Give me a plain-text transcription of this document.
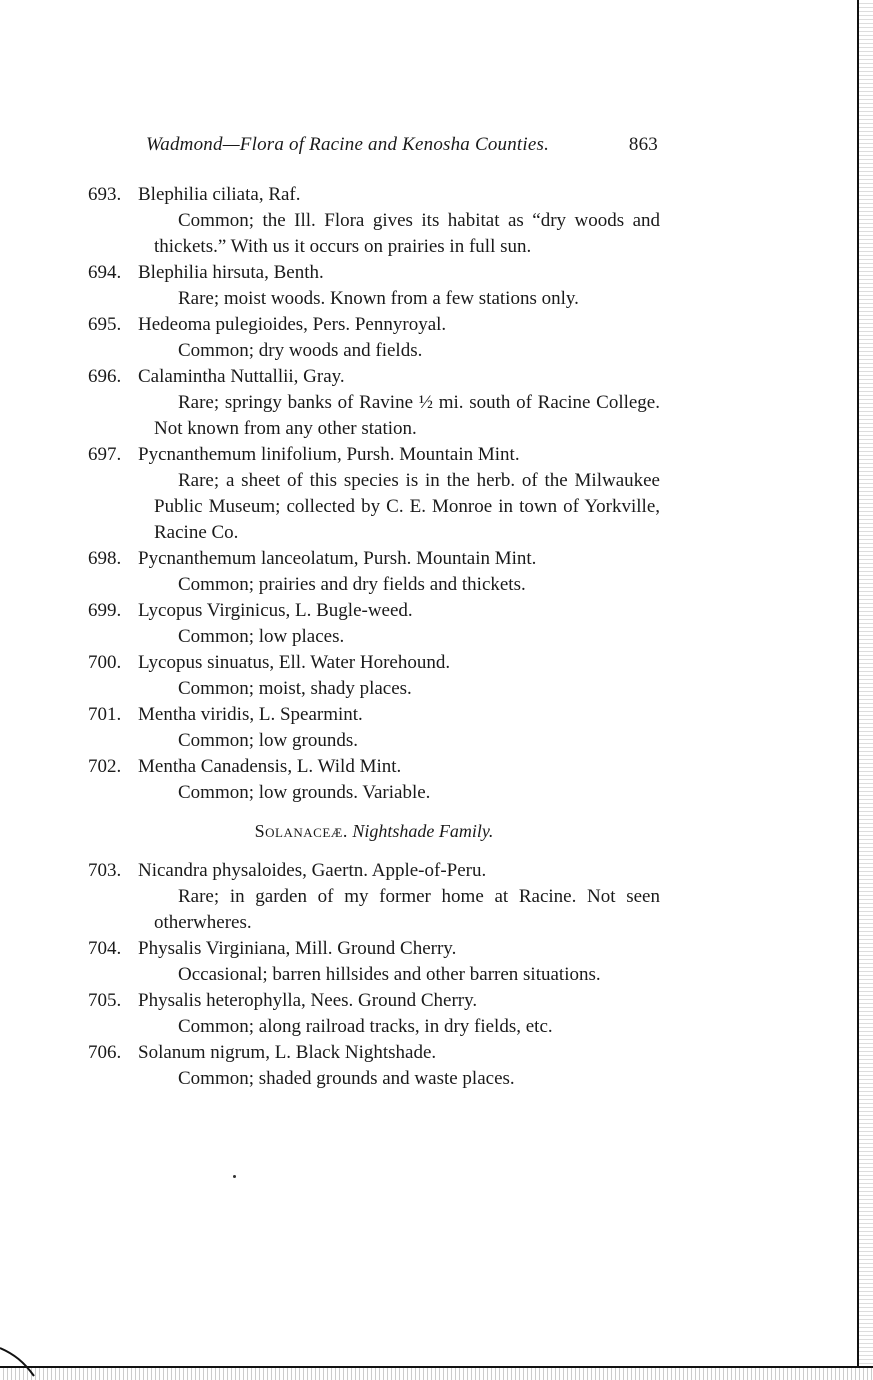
Wadmond—Flora of Racine and Kenosha Counties.	863
693. Blephilia ciliata, Raf.
Common; the Ill. Flora gives its habitat as “dry woods and thickets.” With us it occurs on prairies in full sun.
694. Blephilia hirsuta, Benth.
Rare; moist woods. Known from a few stations only.
695. Hedeoma pulegioides, Pers. Pennyroyal.
Common; dry woods and fields.
696. Calamintha Nuttallii, Gray.
Rare; springy banks of Ravine ½ mi. south of Racine College. Not known from any other station.
697. Pycnanthemum linifolium, Pursh. Mountain Mint.
Rare; a sheet of this species is in the herb. of the Milwaukee Public Museum; collected by C. E. Monroe in town of Yorkville, Racine Co.
698. Pycnanthemum lanceolatum, Pursh. Mountain Mint.
Common; prairies and dry fields and thickets.
699. Lycopus Virginicus, L. Bugle-weed.
Common; low places.
700. Lycopus sinuatus, Ell. Water Horehound.
Common; moist, shady places.
701. Mentha viridis, L. Spearmint.
Common; low grounds.
702. Mentha Canadensis, L. Wild Mint.
Common; low grounds. Variable.
Solanaceæ. Nightshade Family.
703. Nicandra physaloides, Gaertn. Apple-of-Peru.
Rare; in garden of my former home at Racine. Not seen otherwheres.
704. Physalis Virginiana, Mill. Ground Cherry.
Occasional; barren hillsides and other barren situations.
705. Physalis heterophylla, Nees. Ground Cherry.
Common; along railroad tracks, in dry fields, etc.
706. Solanum nigrum, L. Black Nightshade.
Common; shaded grounds and waste places.
